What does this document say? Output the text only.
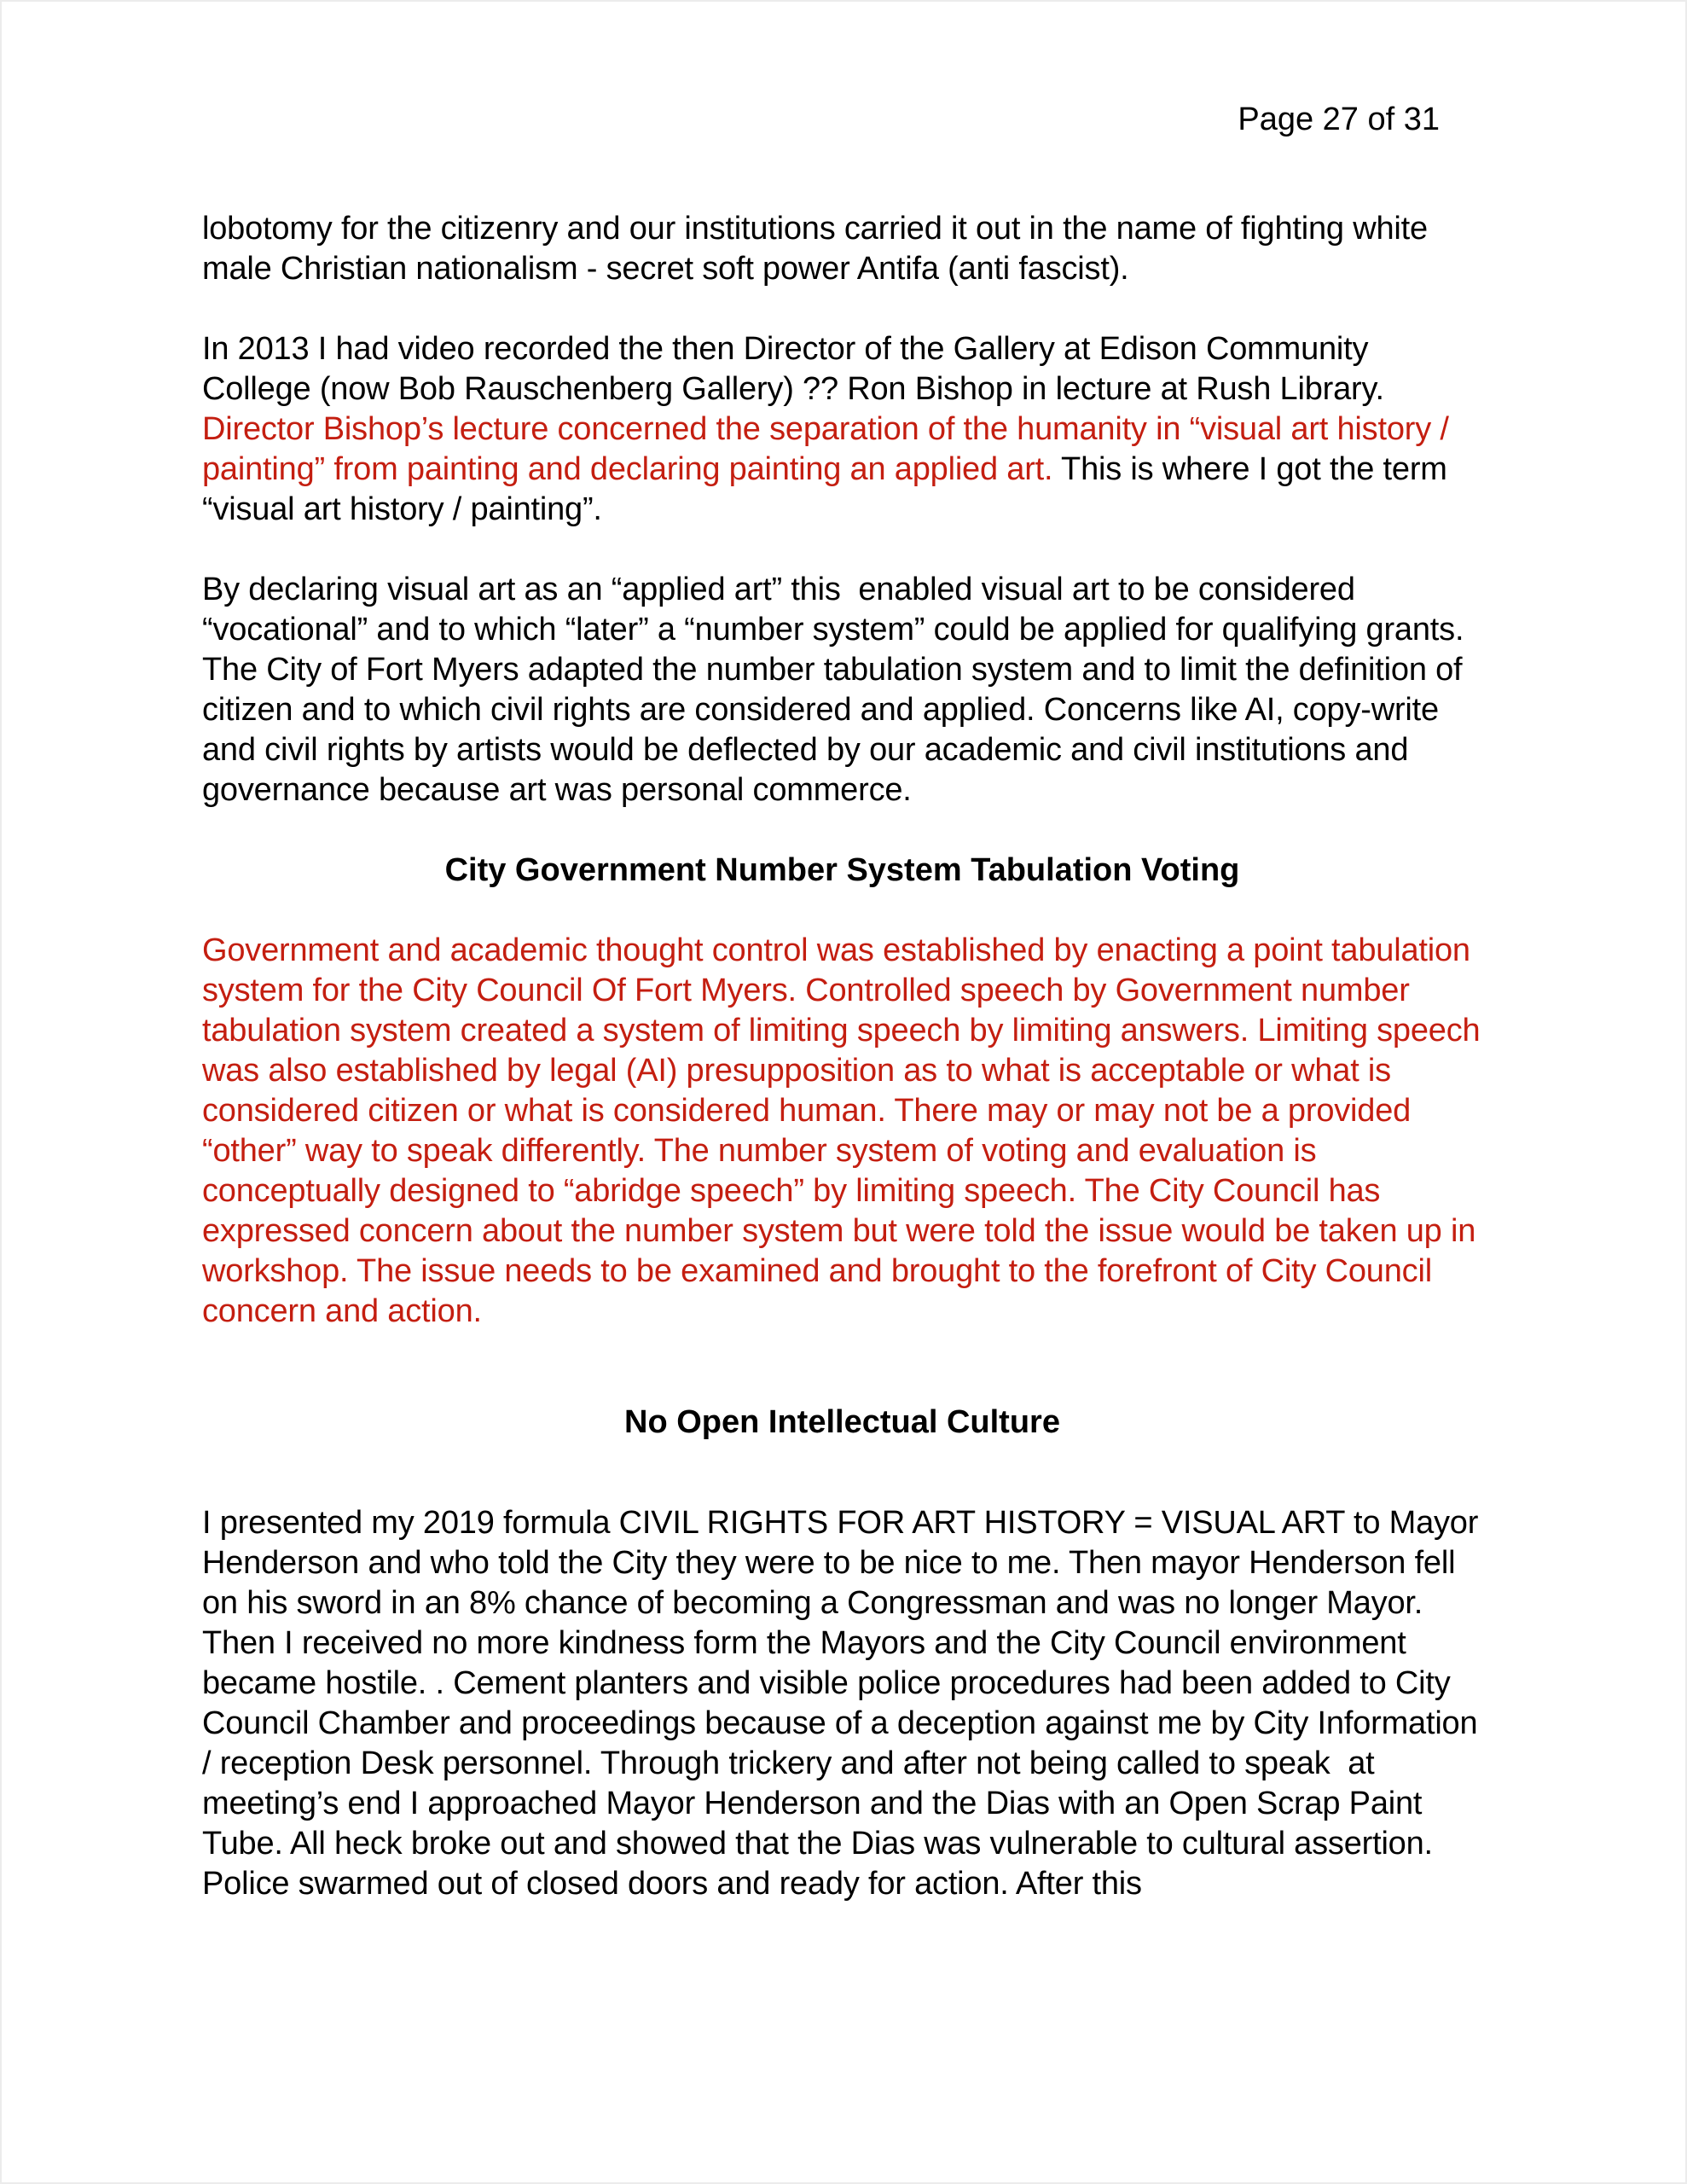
Page 27 of 31

lobotomy for the citizenry and our institutions carried it out in the name of fighting white male Christian nationalism - secret soft power Antifa (anti fascist).

In 2013 I had video recorded the then Director of the Gallery at Edison Community College (now Bob Rauschenberg Gallery) ?? Ron Bishop in lecture at Rush Library. Director Bishop’s lecture concerned the separation of the humanity in “visual art history / painting” from painting and declaring painting an applied art. This is where I got the term “visual art history / painting”.

By declaring visual art as an “applied art” this  enabled visual art to be considered “vocational” and to which “later” a “number system” could be applied for qualifying grants. The City of Fort Myers adapted the number tabulation system and to limit the definition of citizen and to which civil rights are considered and applied. Concerns like AI, copy-write and civil rights by artists would be deflected by our academic and civil institutions and governance because art was personal commerce.

City Government Number System Tabulation Voting

Government and academic thought control was established by enacting a point tabulation system for the City Council Of Fort Myers. Controlled speech by Government number tabulation system created a system of limiting speech by limiting answers. Limiting speech was also established by legal (AI) presupposition as to what is acceptable or what is considered citizen or what is considered human. There may or may not be a provided “other” way to speak differently. The number system of voting and evaluation is conceptually designed to “abridge speech” by limiting speech. The City Council has expressed concern about the number system but were told the issue would be taken up in workshop. The issue needs to be examined and brought to the forefront of City Council concern and action.

No Open Intellectual Culture

I presented my 2019 formula CIVIL RIGHTS FOR ART HISTORY = VISUAL ART to Mayor Henderson and who told the City they were to be nice to me. Then mayor Henderson fell on his sword in an 8% chance of becoming a Congressman and was no longer Mayor. Then I received no more kindness form the Mayors and the City Council environment became hostile. . Cement planters and visible police procedures had been added to City Council Chamber and proceedings because of a deception against me by City Information / reception Desk personnel. Through trickery and after not being called to speak  at meeting’s end I approached Mayor Henderson and the Dias with an Open Scrap Paint Tube. All heck broke out and showed that the Dias was vulnerable to cultural assertion. Police swarmed out of closed doors and ready for action. After this
